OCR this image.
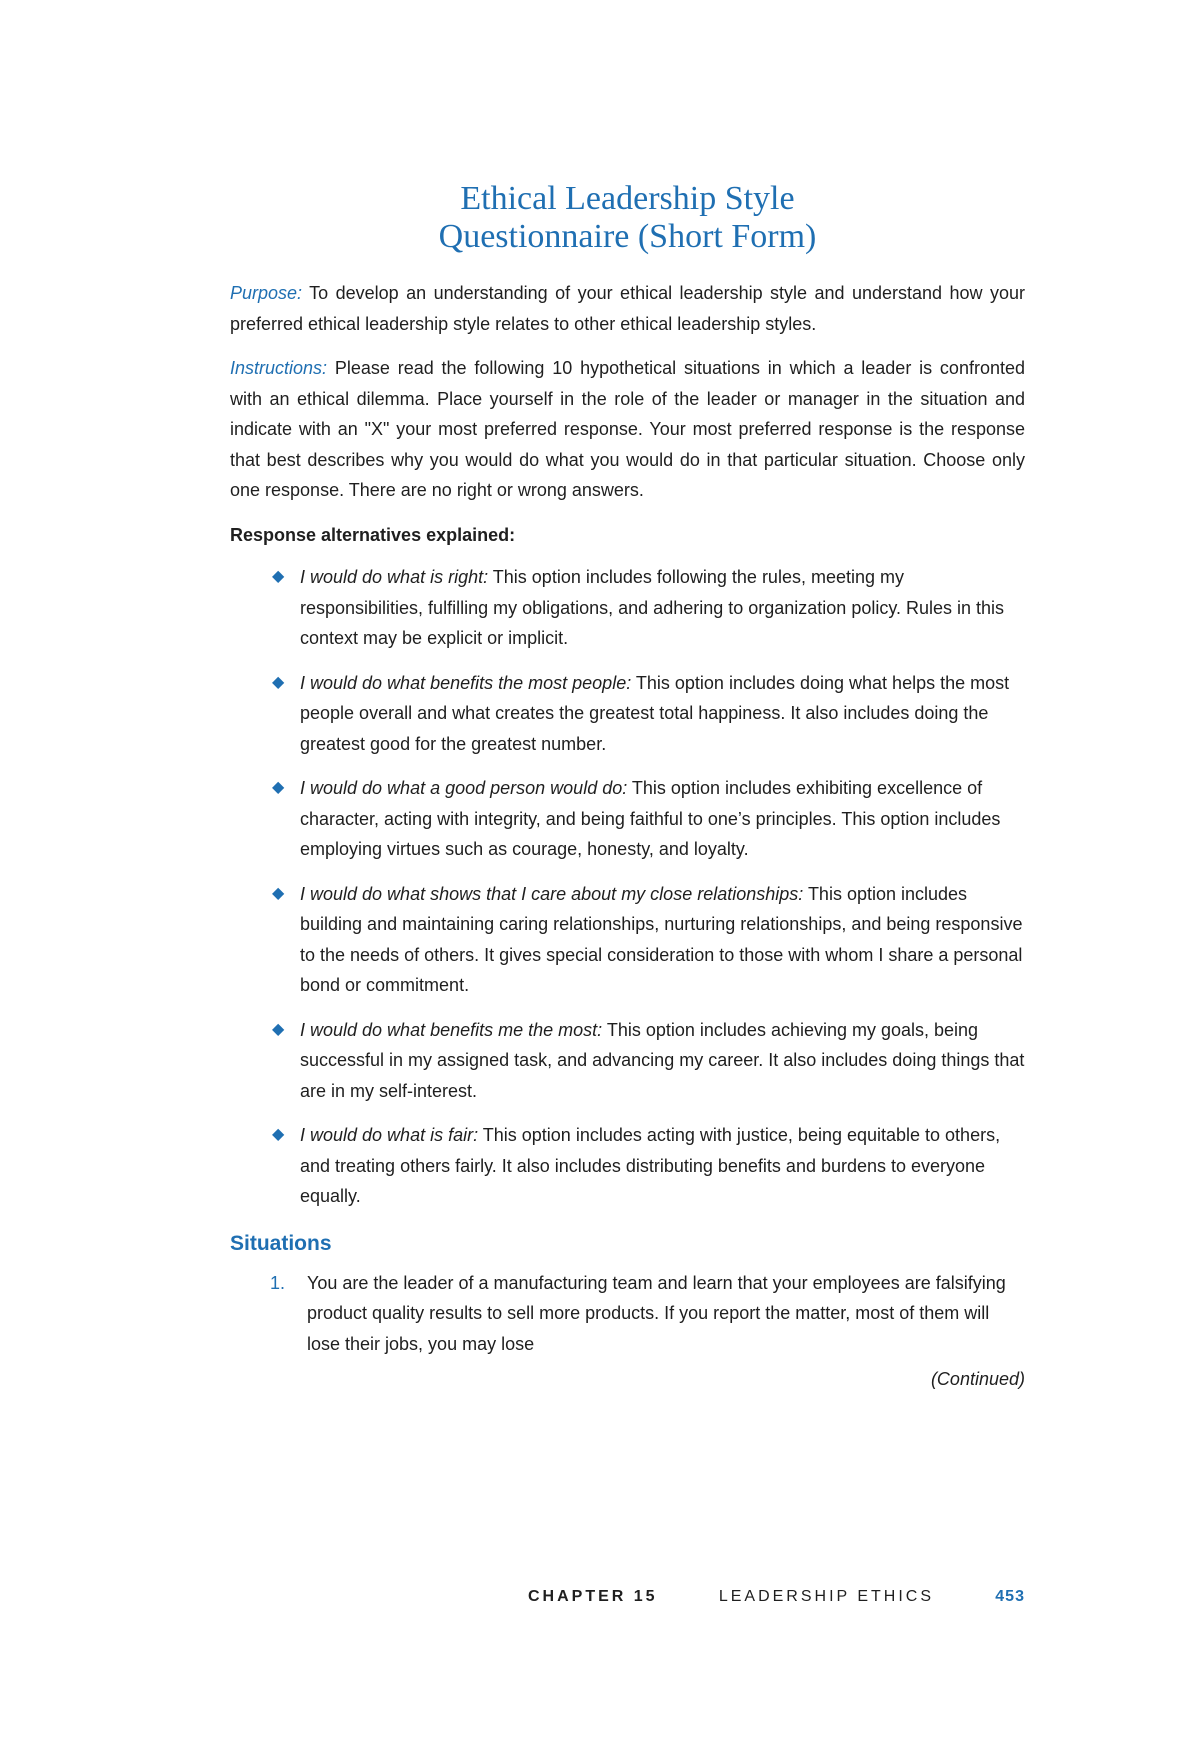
Ethical Leadership Style
Questionnaire (Short Form)

Purpose: To develop an understanding of your ethical leadership style and understand how your preferred ethical leadership style relates to other ethical leadership styles.

Instructions: Please read the following 10 hypothetical situations in which a leader is confronted with an ethical dilemma. Place yourself in the role of the leader or manager in the situation and indicate with an "X" your most preferred response. Your most preferred response is the response that best describes why you would do what you would do in that particular situation. Choose only one response. There are no right or wrong answers.

Response alternatives explained:

◆ I would do what is right: This option includes following the rules, meeting my responsibilities, fulfilling my obligations, and adhering to organization policy. Rules in this context may be explicit or implicit.
◆ I would do what benefits the most people: This option includes doing what helps the most people overall and what creates the greatest total happiness. It also includes doing the greatest good for the greatest number.
◆ I would do what a good person would do: This option includes exhibiting excellence of character, acting with integrity, and being faithful to one’s principles. This option includes employing virtues such as courage, honesty, and loyalty.
◆ I would do what shows that I care about my close relationships: This option includes building and maintaining caring relationships, nurturing relationships, and being responsive to the needs of others. It gives special consideration to those with whom I share a personal bond or commitment.
◆ I would do what benefits me the most: This option includes achieving my goals, being successful in my assigned task, and advancing my career. It also includes doing things that are in my self-interest.
◆ I would do what is fair: This option includes acting with justice, being equitable to others, and treating others fairly. It also includes distributing benefits and burdens to everyone equally.
Situations
1. You are the leader of a manufacturing team and learn that your employees are falsifying product quality results to sell more products. If you report the matter, most of them will lose their jobs, you may lose
(Continued)
CHAPTER 15	LEADERSHIP ETHICS	453
